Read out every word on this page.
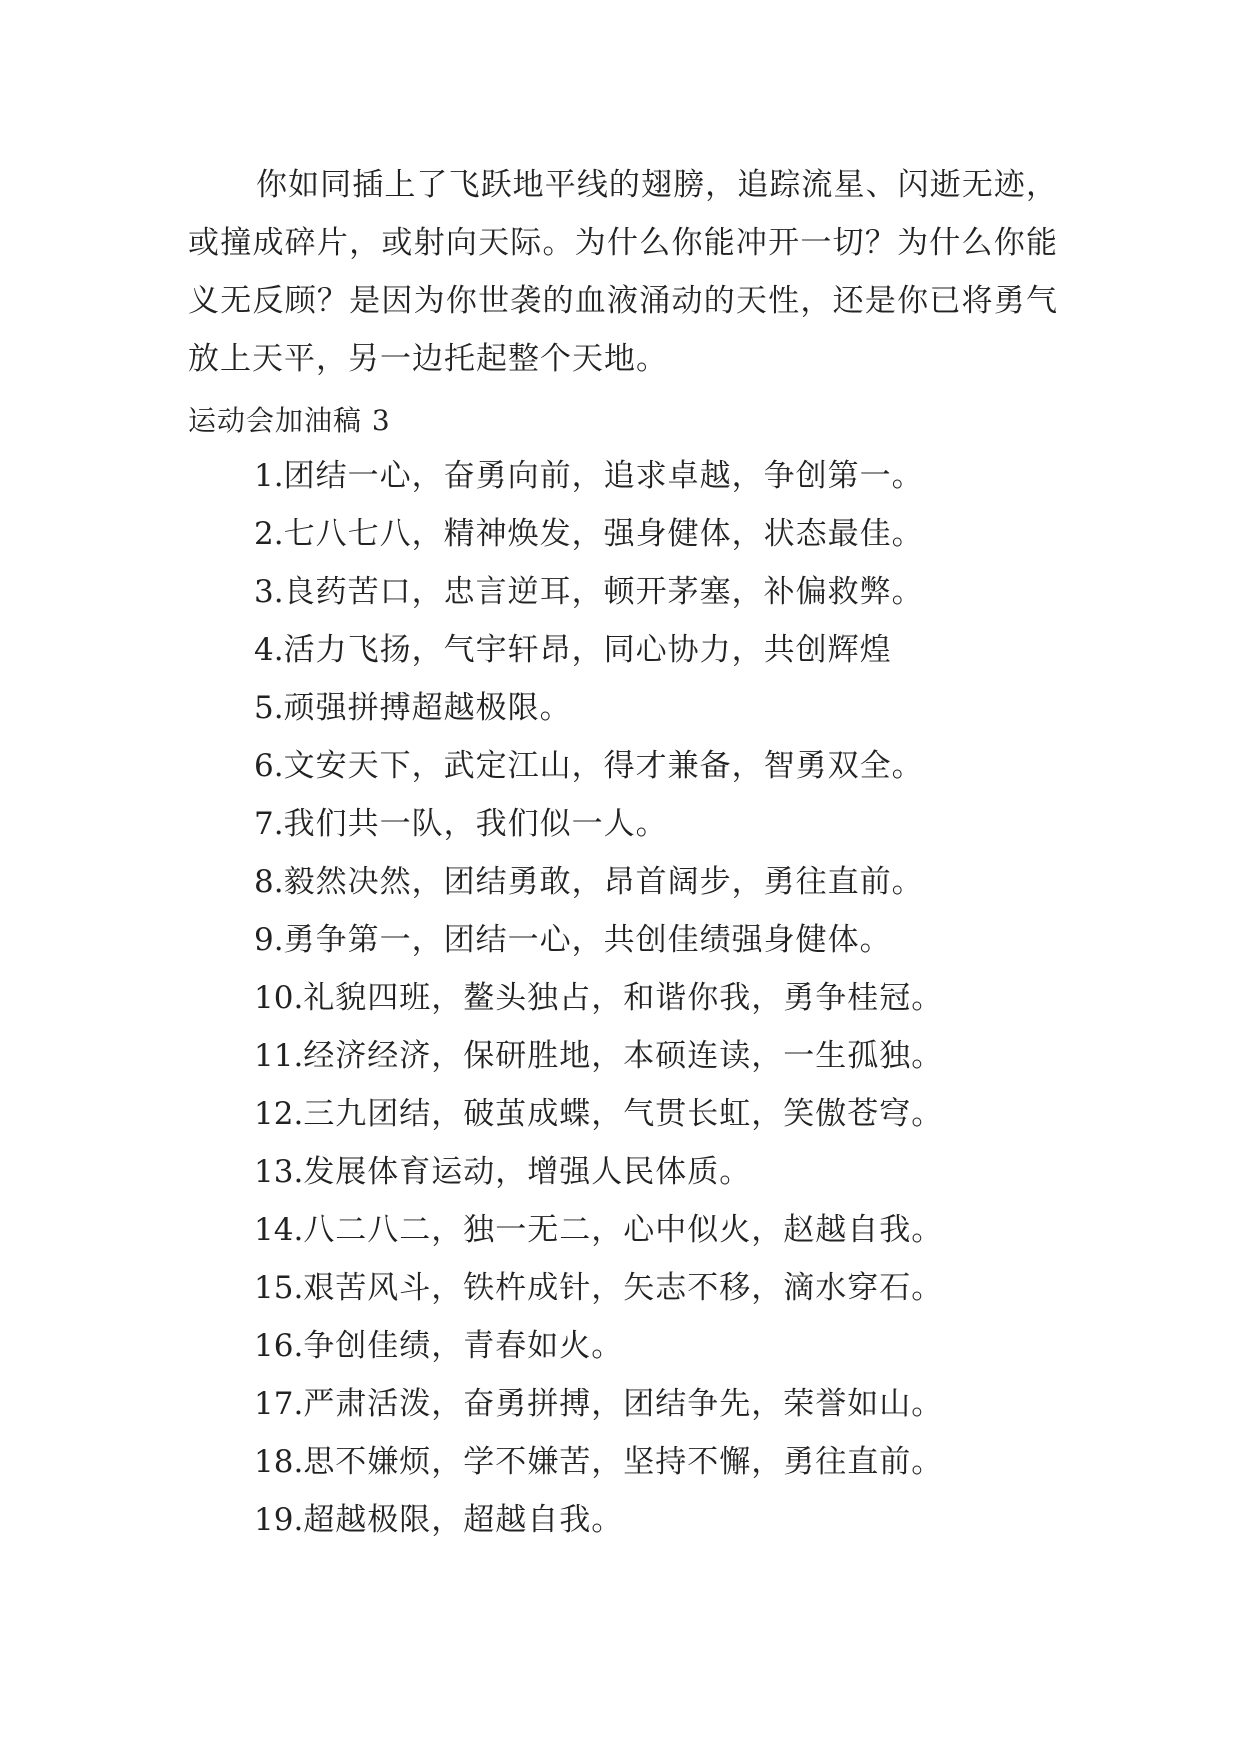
你如同插上了飞跃地平线的翅膀，追踪流星、闪逝无迹，或撞成碎片，或射向天际。为什么你能冲开一切？为什么你能义无反顾？是因为你世袭的血液涌动的天性，还是你已将勇气放上天平，另一边托起整个天地。

运动会加油稿 3
1.团结一心，奋勇向前，追求卓越，争创第一。
2.七八七八，精神焕发，强身健体，状态最佳。
3.良药苦口，忠言逆耳，顿开茅塞，补偏救弊。
4.活力飞扬，气宇轩昂，同心协力，共创辉煌
5.顽强拼搏超越极限。
6.文安天下，武定江山，得才兼备，智勇双全。
7.我们共一队，我们似一人。
8.毅然决然，团结勇敢，昂首阔步，勇往直前。
9.勇争第一，团结一心，共创佳绩强身健体。
10.礼貌四班，鳌头独占，和谐你我，勇争桂冠。
11.经济经济，保研胜地，本硕连读，一生孤独。
12.三九团结，破茧成蝶，气贯长虹，笑傲苍穹。
13.发展体育运动，增强人民体质。
14.八二八二，独一无二，心中似火，赵越自我。
15.艰苦风斗，铁杵成针，矢志不移，滴水穿石。
16.争创佳绩，青春如火。
17.严肃活泼，奋勇拼搏，团结争先，荣誉如山。
18.思不嫌烦，学不嫌苦，坚持不懈，勇往直前。
19.超越极限，超越自我。
